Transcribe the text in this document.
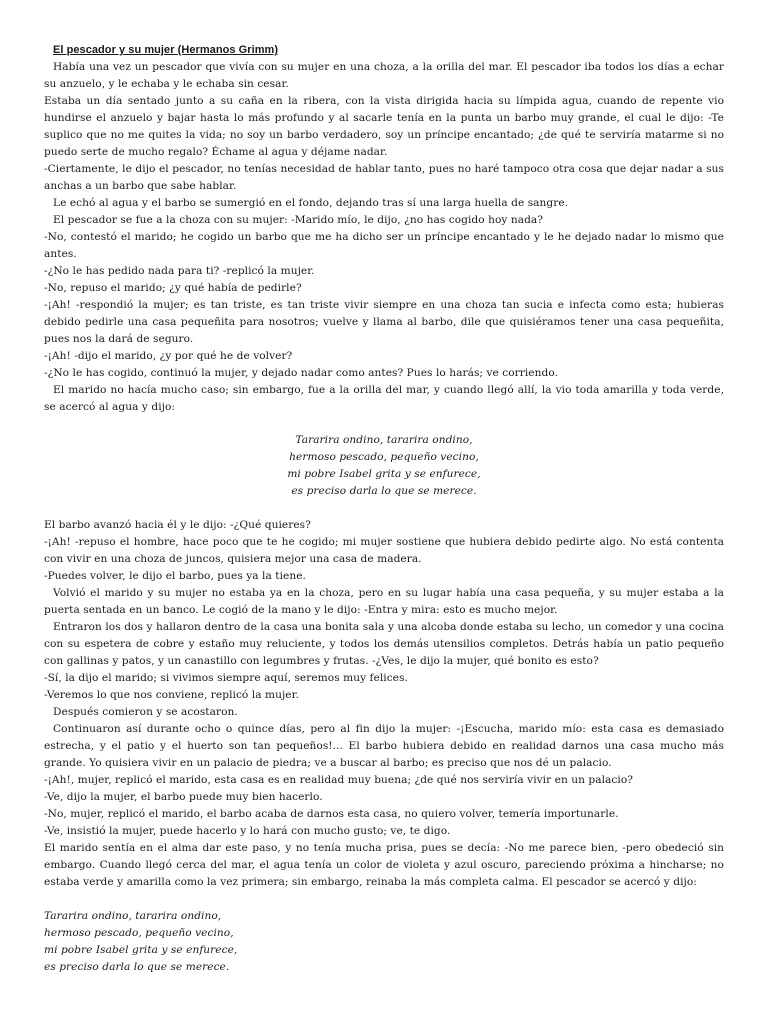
El pescador y su mujer (Hermanos Grimm)

Había una vez un pescador que vivía con su mujer en una choza, a la orilla del mar. El pescador iba todos los días a echar su anzuelo, y le echaba y le echaba sin cesar.

Estaba un día sentado junto a su caña en la ribera, con la vista dirigida hacia su límpida agua, cuando de repente vio hundirse el anzuelo y bajar hasta lo más profundo y al sacarle tenía en la punta un barbo muy grande, el cual le dijo: -Te suplico que no me quites la vida; no soy un barbo verdadero, soy un príncipe encantado; ¿de qué te serviría matarme si no puedo serte de mucho regalo? Échame al agua y déjame nadar.

-Ciertamente, le dijo el pescador, no tenías necesidad de hablar tanto, pues no haré tampoco otra cosa que dejar nadar a sus anchas a un barbo que sabe hablar.

Le echó al agua y el barbo se sumergió en el fondo, dejando tras sí una larga huella de sangre.

El pescador se fue a la choza con su mujer: -Marido mío, le dijo, ¿no has cogido hoy nada?

-No, contestó el marido; he cogido un barbo que me ha dicho ser un príncipe encantado y le he dejado nadar lo mismo que antes.

-¿No le has pedido nada para ti? -replicó la mujer.

-No, repuso el marido; ¿y qué había de pedirle?

-¡Ah! -respondió la mujer; es tan triste, es tan triste vivir siempre en una choza tan sucia e infecta como esta; hubieras debido pedirle una casa pequeñita para nosotros; vuelve y llama al barbo, dile que quisiéramos tener una casa pequeñita, pues nos la dará de seguro.

-¡Ah! -dijo el marido, ¿y por qué he de volver?

-¿No le has cogido, continuó la mujer, y dejado nadar como antes? Pues lo harás; ve corriendo.

El marido no hacía mucho caso; sin embargo, fue a la orilla del mar, y cuando llegó allí, la vio toda amarilla y toda verde, se acercó al agua y dijo:

Tararira ondino, tararira ondino,
hermoso pescado, pequeño vecino,
mi pobre Isabel grita y se enfurece,
es preciso darla lo que se merece.

El barbo avanzó hacia él y le dijo: -¿Qué quieres?

-¡Ah! -repuso el hombre, hace poco que te he cogido; mi mujer sostiene que hubiera debido pedirte algo. No está contenta con vivir en una choza de juncos, quisiera mejor una casa de madera.

-Puedes volver, le dijo el barbo, pues ya la tiene.

Volvió el marido y su mujer no estaba ya en la choza, pero en su lugar había una casa pequeña, y su mujer estaba a la puerta sentada en un banco. Le cogió de la mano y le dijo: -Entra y mira: esto es mucho mejor.

Entraron los dos y hallaron dentro de la casa una bonita sala y una alcoba donde estaba su lecho, un comedor y una cocina con su espetera de cobre y estaño muy reluciente, y todos los demás utensilios completos. Detrás había un patio pequeño con gallinas y patos, y un canastillo con legumbres y frutas. -¿Ves, le dijo la mujer, qué bonito es esto?

-Sí, la dijo el marido; si vivimos siempre aquí, seremos muy felices.

-Veremos lo que nos conviene, replicó la mujer.

Después comieron y se acostaron.

Continuaron así durante ocho o quince días, pero al fin dijo la mujer: -¡Escucha, marido mío: esta casa es demasiado estrecha, y el patio y el huerto son tan pequeños!... El barbo hubiera debido en realidad darnos una casa mucho más grande. Yo quisiera vivir en un palacio de piedra; ve a buscar al barbo; es preciso que nos dé un palacio.

-¡Ah!, mujer, replicó el marido, esta casa es en realidad muy buena; ¿de qué nos serviría vivir en un palacio?

-Ve, dijo la mujer, el barbo puede muy bien hacerlo.

-No, mujer, replicó el marido, el barbo acaba de darnos esta casa, no quiero volver, temería importunarle.

-Ve, insistió la mujer, puede hacerlo y lo hará con mucho gusto; ve, te digo.

El marido sentía en el alma dar este paso, y no tenía mucha prisa, pues se decía: -No me parece bien, -pero obedeció sin embargo. Cuando llegó cerca del mar, el agua tenía un color de violeta y azul oscuro, pareciendo próxima a hincharse; no estaba verde y amarilla como la vez primera; sin embargo, reinaba la más completa calma. El pescador se acercó y dijo:

Tararira ondino, tararira ondino,
hermoso pescado, pequeño vecino,
mi pobre Isabel grita y se enfurece,
es preciso darla lo que se merece.
